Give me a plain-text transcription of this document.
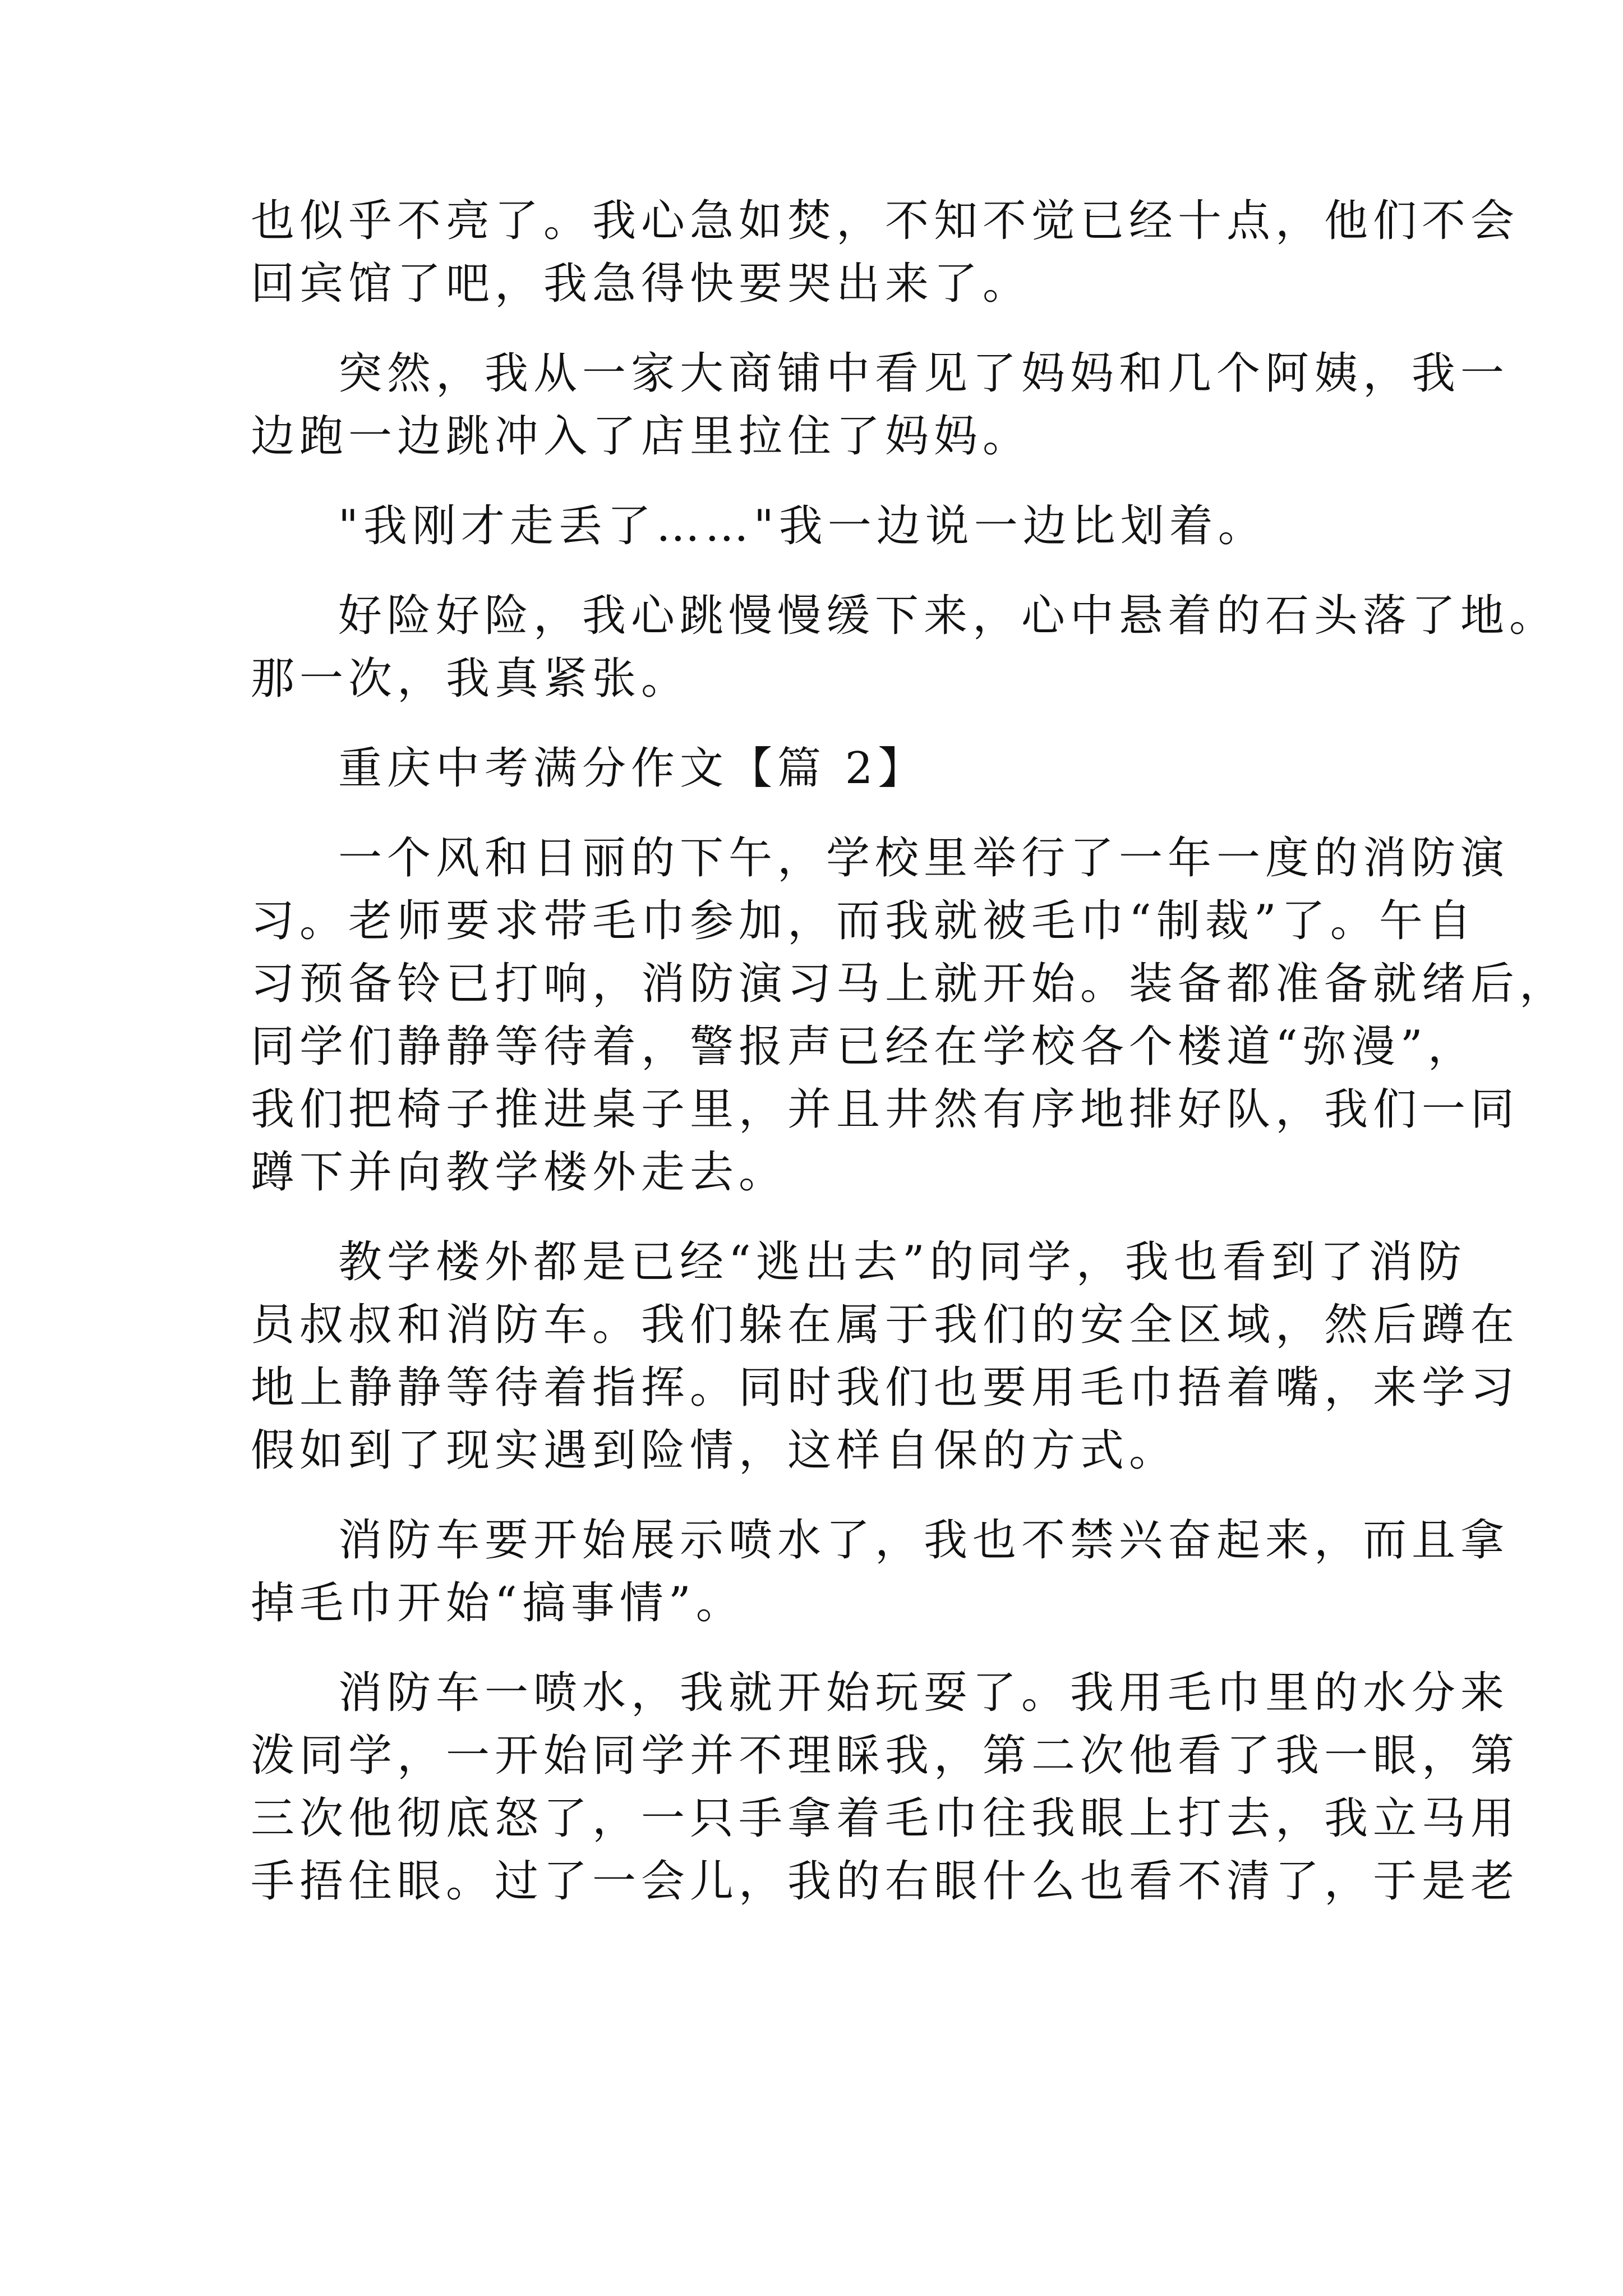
也似乎不亮了。我心急如焚，不知不觉已经十点，他们不会
回宾馆了吧，我急得快要哭出来了。
突然，我从一家大商铺中看见了妈妈和几个阿姨，我一
边跑一边跳冲入了店里拉住了妈妈。
"我刚才走丢了……"我一边说一边比划着。
好险好险，我心跳慢慢缓下来，心中悬着的石头落了地。
那一次，我真紧张。
重庆中考满分作文【篇 2】
一个风和日丽的下午，学校里举行了一年一度的消防演
习。老师要求带毛巾参加，而我就被毛巾“制裁”了。午自
习预备铃已打响，消防演习马上就开始。装备都准备就绪后，
同学们静静等待着，警报声已经在学校各个楼道“弥漫”，
我们把椅子推进桌子里，并且井然有序地排好队，我们一同
蹲下并向教学楼外走去。
教学楼外都是已经“逃出去”的同学，我也看到了消防
员叔叔和消防车。我们躲在属于我们的安全区域，然后蹲在
地上静静等待着指挥。同时我们也要用毛巾捂着嘴，来学习
假如到了现实遇到险情，这样自保的方式。
消防车要开始展示喷水了，我也不禁兴奋起来，而且拿
掉毛巾开始“搞事情”。
消防车一喷水，我就开始玩耍了。我用毛巾里的水分来
泼同学，一开始同学并不理睬我，第二次他看了我一眼，第
三次他彻底怒了，一只手拿着毛巾往我眼上打去，我立马用
手捂住眼。过了一会儿，我的右眼什么也看不清了，于是老
